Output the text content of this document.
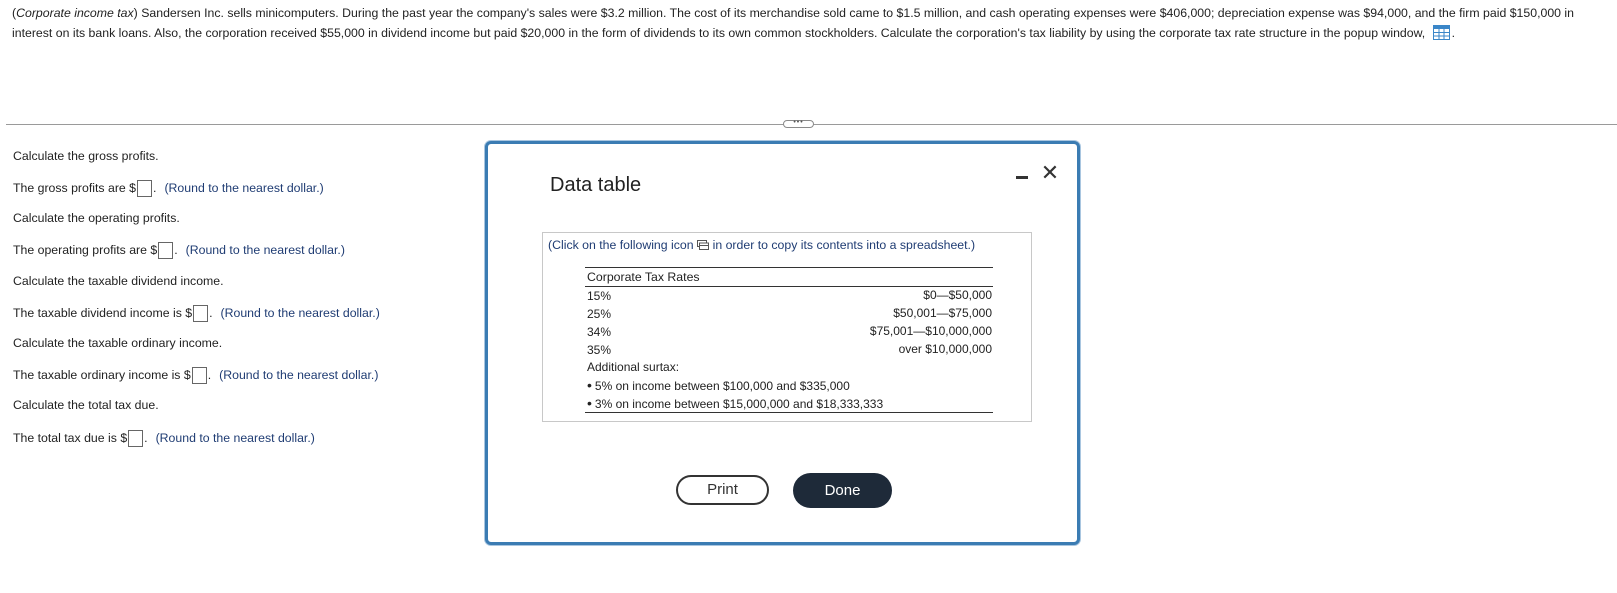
(Corporate income tax) Sandersen Inc. sells minicomputers. During the past year the company's sales were $3.2 million. The cost of its merchandise sold came to $1.5 million, and cash operating expenses were $406,000; depreciation expense was $94,000, and the firm paid $150,000 in interest on its bank loans. Also, the corporation received $55,000 in dividend income but paid $20,000 in the form of dividends to its own common stockholders. Calculate the corporation's tax liability by using the corporate tax rate structure in the popup window, .
•••
Calculate the gross profits.
The gross profits are $ . (Round to the nearest dollar.)
Calculate the operating profits.
The operating profits are $ . (Round to the nearest dollar.)
Calculate the taxable dividend income.
The taxable dividend income is $ . (Round to the nearest dollar.)
Calculate the taxable ordinary income.
The taxable ordinary income is $ . (Round to the nearest dollar.)
Calculate the total tax due.
The total tax due is $ . (Round to the nearest dollar.)
Data table	✕
(Click on the following icon in order to copy its contents into a spreadsheet.)
Corporate Tax Rates
15%	$0—$50,000
25%	$50,001—$75,000
34%	$75,001—$10,000,000
35%	over $10,000,000
Additional surtax:
• 5% on income between $100,000 and $335,000
• 3% on income between $15,000,000 and $18,333,333
Print	Done
